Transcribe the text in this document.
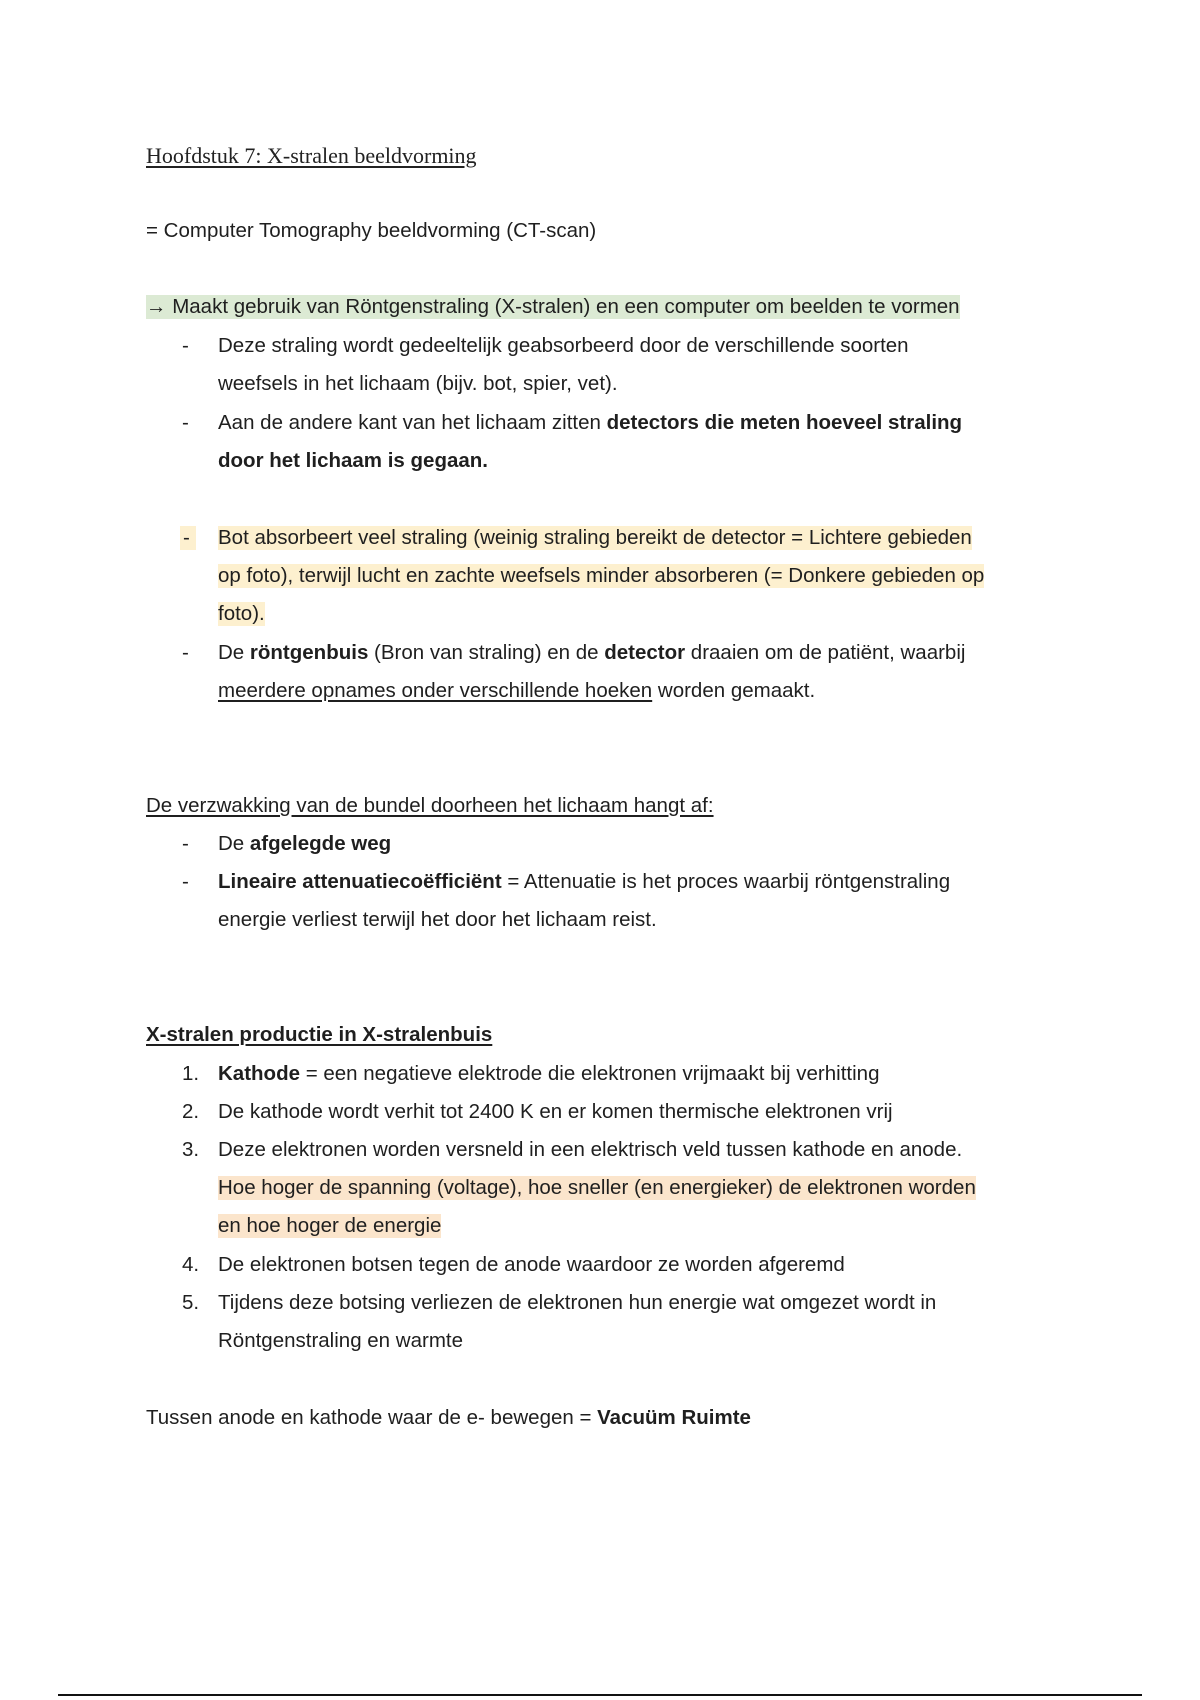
Hoofdstuk 7: X-stralen beeldvorming
= Computer Tomography beeldvorming (CT-scan)
→ Maakt gebruik van Röntgenstraling (X-stralen) en een computer om beelden te vormen
- Deze straling wordt gedeeltelijk geabsorbeerd door de verschillende soorten
weefsels in het lichaam (bijv. bot, spier, vet).
- Aan de andere kant van het lichaam zitten detectors die meten hoeveel straling
door het lichaam is gegaan.
- Bot absorbeert veel straling (weinig straling bereikt de detector = Lichtere gebieden
op foto), terwijl lucht en zachte weefsels minder absorberen (= Donkere gebieden op
foto).
- De röntgenbuis (Bron van straling) en de detector draaien om de patiënt, waarbij
meerdere opnames onder verschillende hoeken worden gemaakt.
De verzwakking van de bundel doorheen het lichaam hangt af:
- De afgelegde weg
- Lineaire attenuatiecoëfficiënt = Attenuatie is het proces waarbij röntgenstraling
energie verliest terwijl het door het lichaam reist.
X-stralen productie in X-stralenbuis
1. Kathode = een negatieve elektrode die elektronen vrijmaakt bij verhitting
2. De kathode wordt verhit tot 2400 K en er komen thermische elektronen vrij
3. Deze elektronen worden versneld in een elektrisch veld tussen kathode en anode.
Hoe hoger de spanning (voltage), hoe sneller (en energieker) de elektronen worden
en hoe hoger de energie
4. De elektronen botsen tegen de anode waardoor ze worden afgeremd
5. Tijdens deze botsing verliezen de elektronen hun energie wat omgezet wordt in
Röntgenstraling en warmte
Tussen anode en kathode waar de e- bewegen = Vacuüm Ruimte
